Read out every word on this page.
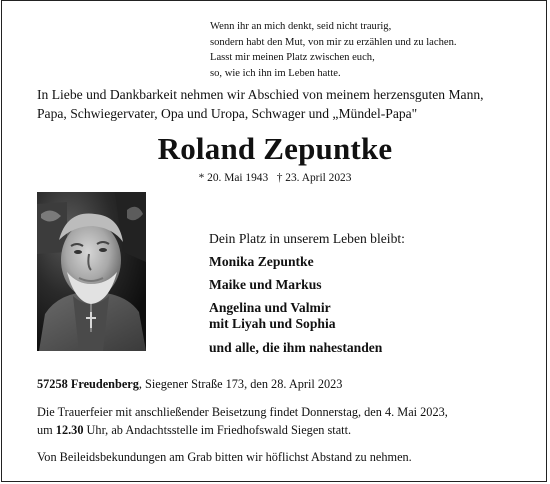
Wenn ihr an mich denkt, seid nicht traurig,
sondern habt den Mut, von mir zu erzählen und zu lachen.
Lasst mir meinen Platz zwischen euch,
so, wie ich ihn im Leben hatte.
In Liebe und Dankbarkeit nehmen wir Abschied von meinem herzensguten Mann,
Papa, Schwiegervater, Opa und Uropa, Schwager und „Mündel-Papa"
Roland Zepuntke
* 20. Mai 1943   † 23. April 2023
Dein Platz in unserem Leben bleibt:
Monika Zepuntke
Maike und Markus
Angelina und Valmir
mit Liyah und Sophia
und alle, die ihm nahestanden
57258 Freudenberg, Siegener Straße 173, den 28. April 2023
Die Trauerfeier mit anschließender Beisetzung findet Donnerstag, den 4. Mai 2023,
um 12.30 Uhr, ab Andachtsstelle im Friedhofswald Siegen statt.
Von Beileidsbekundungen am Grab bitten wir höflichst Abstand zu nehmen.
